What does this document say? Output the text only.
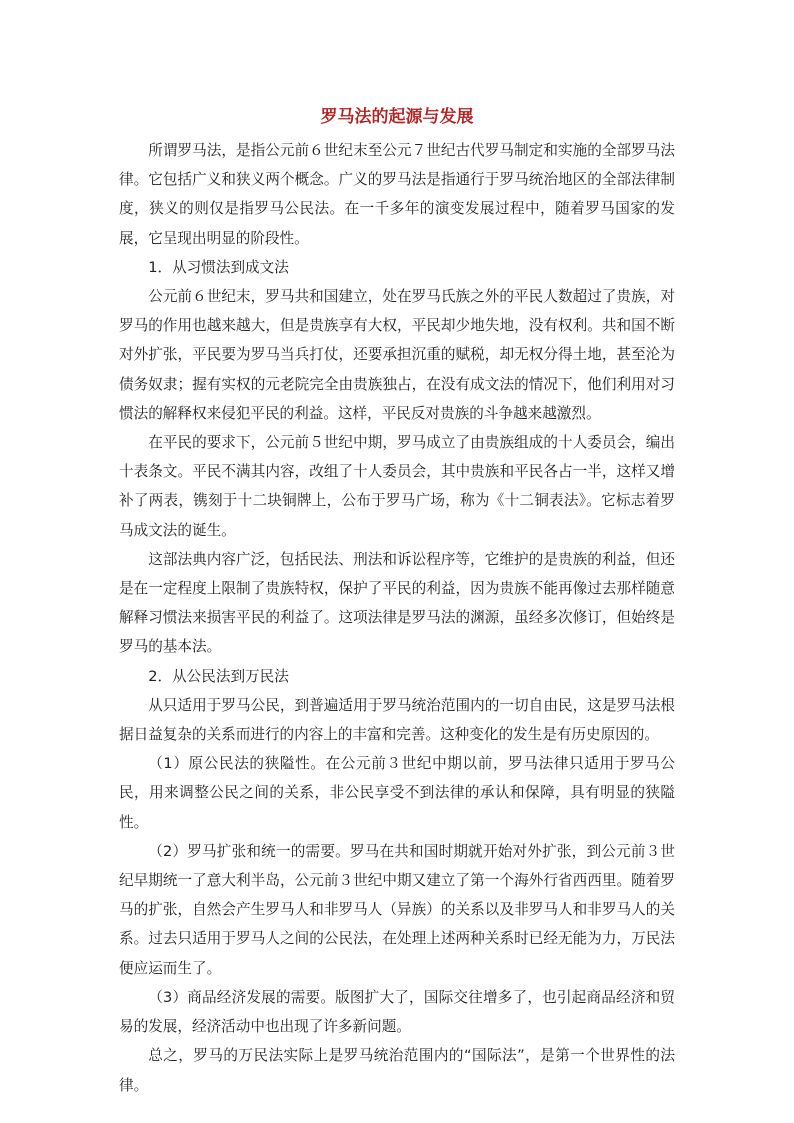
罗马法的起源与发展

所谓罗马法，是指公元前６世纪末至公元７世纪古代罗马制定和实施的全部罗马法律。它包括广义和狭义两个概念。广义的罗马法是指通行于罗马统治地区的全部法律制度，狭义的则仅是指罗马公民法。在一千多年的演变发展过程中，随着罗马国家的发展，它呈现出明显的阶段性。

1．从习惯法到成文法

公元前６世纪末，罗马共和国建立，处在罗马氏族之外的平民人数超过了贵族，对罗马的作用也越来越大，但是贵族享有大权，平民却少地失地，没有权利。共和国不断对外扩张，平民要为罗马当兵打仗，还要承担沉重的赋税，却无权分得土地，甚至沦为债务奴隶；握有实权的元老院完全由贵族独占，在没有成文法的情况下，他们利用对习惯法的解释权来侵犯平民的利益。这样，平民反对贵族的斗争越来越激烈。

在平民的要求下，公元前５世纪中期，罗马成立了由贵族组成的十人委员会，编出十表条文。平民不满其内容，改组了十人委员会，其中贵族和平民各占一半，这样又增补了两表，镌刻于十二块铜牌上，公布于罗马广场，称为《十二铜表法》。它标志着罗马成文法的诞生。

这部法典内容广泛，包括民法、刑法和诉讼程序等，它维护的是贵族的利益，但还是在一定程度上限制了贵族特权，保护了平民的利益，因为贵族不能再像过去那样随意解释习惯法来损害平民的利益了。这项法律是罗马法的渊源，虽经多次修订，但始终是罗马的基本法。

2．从公民法到万民法

从只适用于罗马公民，到普遍适用于罗马统治范围内的一切自由民，这是罗马法根据日益复杂的关系而进行的内容上的丰富和完善。这种变化的发生是有历史原因的。

（1）原公民法的狭隘性。在公元前３世纪中期以前，罗马法律只适用于罗马公民，用来调整公民之间的关系，非公民享受不到法律的承认和保障，具有明显的狭隘性。

（2）罗马扩张和统一的需要。罗马在共和国时期就开始对外扩张，到公元前３世纪早期统一了意大利半岛，公元前３世纪中期又建立了第一个海外行省西西里。随着罗马的扩张，自然会产生罗马人和非罗马人（异族）的关系以及非罗马人和非罗马人的关系。过去只适用于罗马人之间的公民法，在处理上述两种关系时已经无能为力，万民法便应运而生了。

（3）商品经济发展的需要。版图扩大了，国际交往增多了，也引起商品经济和贸易的发展，经济活动中也出现了许多新问题。

总之，罗马的万民法实际上是罗马统治范围内的“国际法”，是第一个世界性的法律。
